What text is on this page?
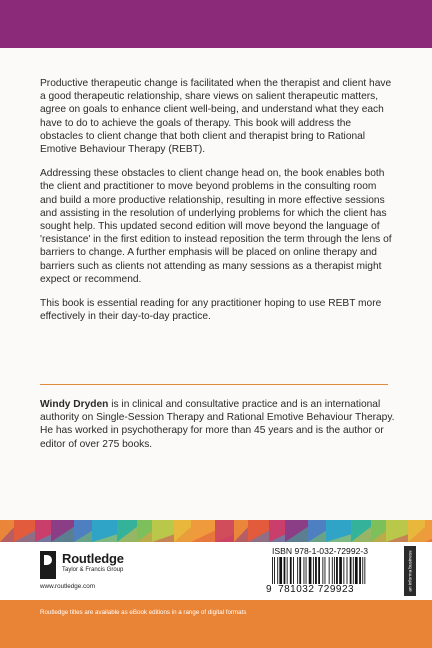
Productive therapeutic change is facilitated when the therapist and client have a good therapeutic relationship, share views on salient therapeutic matters, agree on goals to enhance client well-being, and understand what they each have to do to achieve the goals of therapy. This book will address the obstacles to client change that both client and therapist bring to Rational Emotive Behaviour Therapy (REBT).

Addressing these obstacles to client change head on, the book enables both the client and practitioner to move beyond problems in the consulting room and build a more productive relationship, resulting in more effective sessions and assisting in the resolution of underlying problems for which the client has sought help. This updated second edition will move beyond the language of 'resistance' in the first edition to instead reposition the term through the lens of barriers to change. A further emphasis will be placed on online therapy and barriers such as clients not attending as many sessions as a therapist might expect or recommend.

This book is essential reading for any practitioner hoping to use REBT more effectively in their day-to-day practice.

Windy Dryden is in clinical and consultative practice and is an international authority on Single-Session Therapy and Rational Emotive Behaviour Therapy. He has worked in psychotherapy for more than 45 years and is the author or editor of over 275 books.
Routledge
Taylor & Francis Group
www.routledge.com
ISBN 978-1-032-72992-3
9 781032 729923	an informa business
Routledge titles are available as eBook editions in a range of digital formats
